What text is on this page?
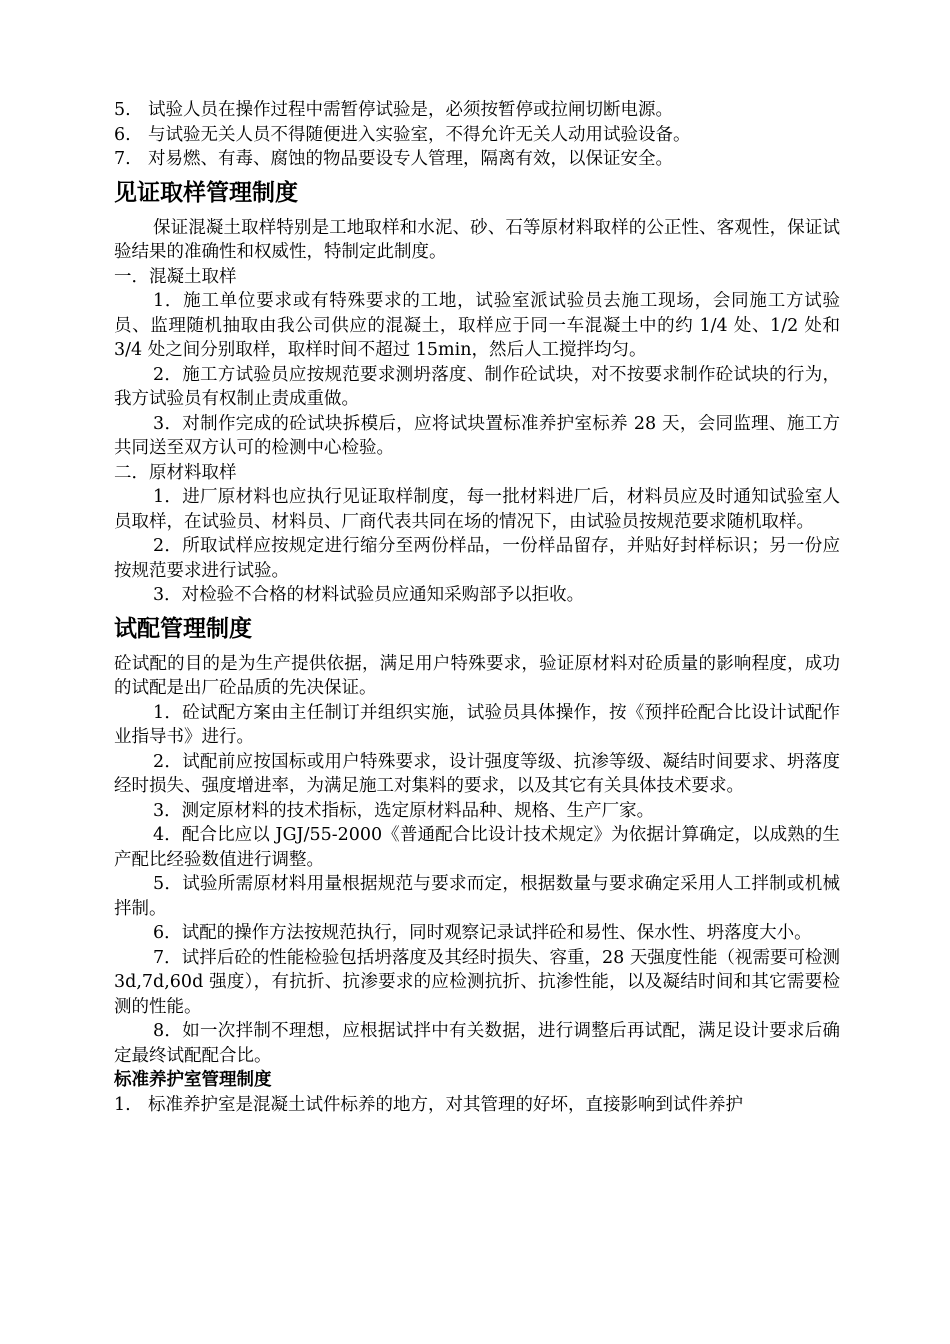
5. 试验人员在操作过程中需暂停试验是，必须按暂停或拉闸切断电源。

6. 与试验无关人员不得随便进入实验室，不得允许无关人动用试验设备。

7. 对易燃、有毒、腐蚀的物品要设专人管理，隔离有效，以保证安全。

见证取样管理制度

保证混凝土取样特别是工地取样和水泥、砂、石等原材料取样的公正性、客观性，保证试验结果的准确性和权威性，特制定此制度。

一．混凝土取样

1．施工单位要求或有特殊要求的工地，试验室派试验员去施工现场，会同施工方试验员、监理随机抽取由我公司供应的混凝土，取样应于同一车混凝土中的约 1/4 处、1/2 处和 3/4 处之间分别取样，取样时间不超过 15min，然后人工搅拌均匀。

2．施工方试验员应按规范要求测坍落度、制作砼试块，对不按要求制作砼试块的行为，我方试验员有权制止责成重做。

3．对制作完成的砼试块拆模后，应将试块置标准养护室标养 28 天，会同监理、施工方共同送至双方认可的检测中心检验。

二．原材料取样

1．进厂原材料也应执行见证取样制度，每一批材料进厂后，材料员应及时通知试验室人员取样，在试验员、材料员、厂商代表共同在场的情况下，由试验员按规范要求随机取样。

2．所取试样应按规定进行缩分至两份样品，一份样品留存，并贴好封样标识；另一份应按规范要求进行试验。

3．对检验不合格的材料试验员应通知采购部予以拒收。

试配管理制度

砼试配的目的是为生产提供依据，满足用户特殊要求，验证原材料对砼质量的影响程度，成功的试配是出厂砼品质的先决保证。

1．砼试配方案由主任制订并组织实施，试验员具体操作，按《预拌砼配合比设计试配作业指导书》进行。

2．试配前应按国标或用户特殊要求，设计强度等级、抗渗等级、凝结时间要求、坍落度经时损失、强度增进率，为满足施工对集料的要求，以及其它有关具体技术要求。

3．测定原材料的技术指标，选定原材料品种、规格、生产厂家。

4．配合比应以 JGJ/55-2000《普通配合比设计技术规定》为依据计算确定，以成熟的生产配比经验数值进行调整。

5．试验所需原材料用量根据规范与要求而定，根据数量与要求确定采用人工拌制或机械拌制。

6．试配的操作方法按规范执行，同时观察记录试拌砼和易性、保水性、坍落度大小。

7．试拌后砼的性能检验包括坍落度及其经时损失、容重，28 天强度性能（视需要可检测 3d,7d,60d 强度），有抗折、抗渗要求的应检测抗折、抗渗性能，以及凝结时间和其它需要检测的性能。

8．如一次拌制不理想，应根据试拌中有关数据，进行调整后再试配，满足设计要求后确定最终试配配合比。

标准养护室管理制度

1. 标准养护室是混凝土试件标养的地方，对其管理的好坏，直接影响到试件养护
